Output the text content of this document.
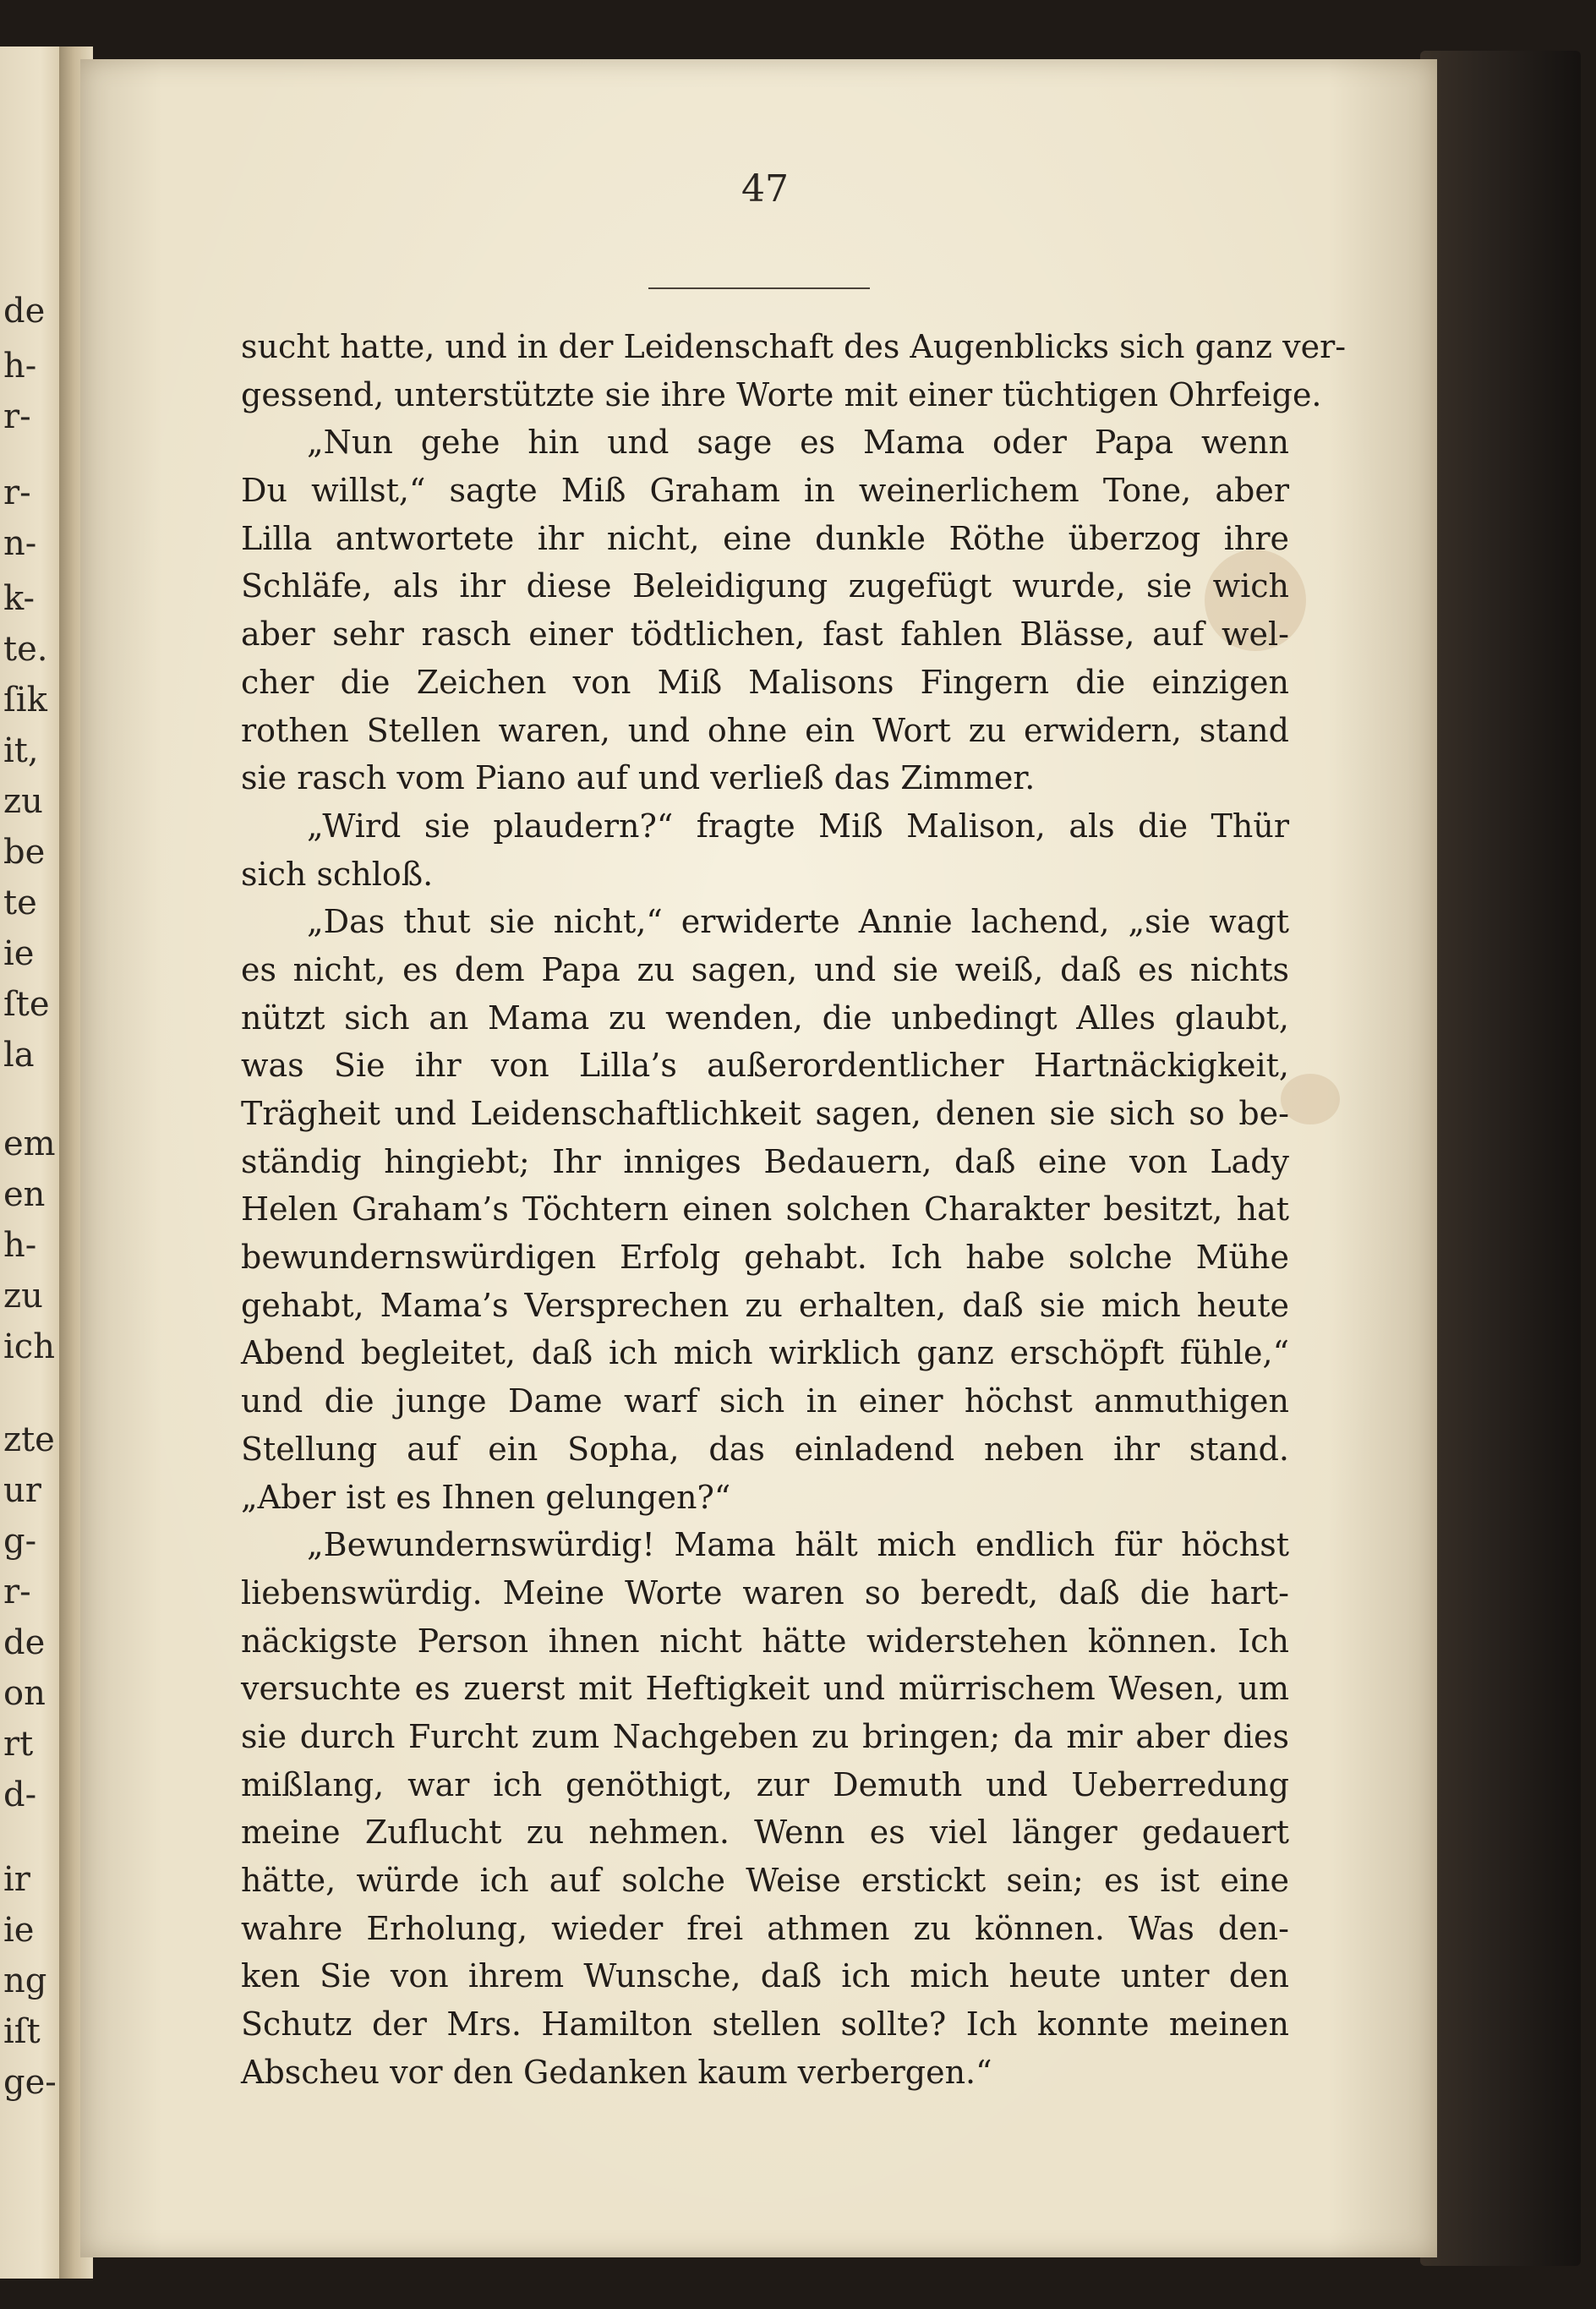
de
h-
r-
r-
n-
k-
te.
ſik
it,
zu
be
te
ie
ſte
la
em
en
h-
zu
ich
zte
ur
g-
r-
de
on
rt
d-
ir
ie
ng
iſt
ge-
47
sucht hatte, und in der Leidenschaft des Augenblicks sich ganz ver-
gessend, unterstützte sie ihre Worte mit einer tüchtigen Ohrfeige.
„Nun gehe hin und sage es Mama oder Papa wenn
Du willst,“ sagte Miß Graham in weinerlichem Tone, aber
Lilla antwortete ihr nicht, eine dunkle Röthe überzog ihre
Schläfe, als ihr diese Beleidigung zugefügt wurde, sie wich
aber sehr rasch einer tödtlichen, fast fahlen Blässe, auf wel-
cher die Zeichen von Miß Malisons Fingern die einzigen
rothen Stellen waren, und ohne ein Wort zu erwidern, stand
sie rasch vom Piano auf und verließ das Zimmer.
„Wird sie plaudern?“ fragte Miß Malison, als die Thür
sich schloß.
„Das thut sie nicht,“ erwiderte Annie lachend, „sie wagt
es nicht, es dem Papa zu sagen, und sie weiß, daß es nichts
nützt sich an Mama zu wenden, die unbedingt Alles glaubt,
was Sie ihr von Lilla’s außerordentlicher Hartnäckigkeit,
Trägheit und Leidenschaftlichkeit sagen, denen sie sich so be-
ständig hingiebt; Ihr inniges Bedauern, daß eine von Lady
Helen Graham’s Töchtern einen solchen Charakter besitzt, hat
bewundernswürdigen Erfolg gehabt. Ich habe solche Mühe
gehabt, Mama’s Versprechen zu erhalten, daß sie mich heute
Abend begleitet, daß ich mich wirklich ganz erschöpft fühle,“
und die junge Dame warf sich in einer höchst anmuthigen
Stellung auf ein Sopha, das einladend neben ihr stand.
„Aber ist es Ihnen gelungen?“
„Bewundernswürdig! Mama hält mich endlich für höchst
liebenswürdig. Meine Worte waren so beredt, daß die hart-
näckigste Person ihnen nicht hätte widerstehen können. Ich
versuchte es zuerst mit Heftigkeit und mürrischem Wesen, um
sie durch Furcht zum Nachgeben zu bringen; da mir aber dies
mißlang, war ich genöthigt, zur Demuth und Ueberredung
meine Zuflucht zu nehmen. Wenn es viel länger gedauert
hätte, würde ich auf solche Weise erstickt sein; es ist eine
wahre Erholung, wieder frei athmen zu können. Was den-
ken Sie von ihrem Wunsche, daß ich mich heute unter den
Schutz der Mrs. Hamilton stellen sollte? Ich konnte meinen
Abscheu vor den Gedanken kaum verbergen.“
